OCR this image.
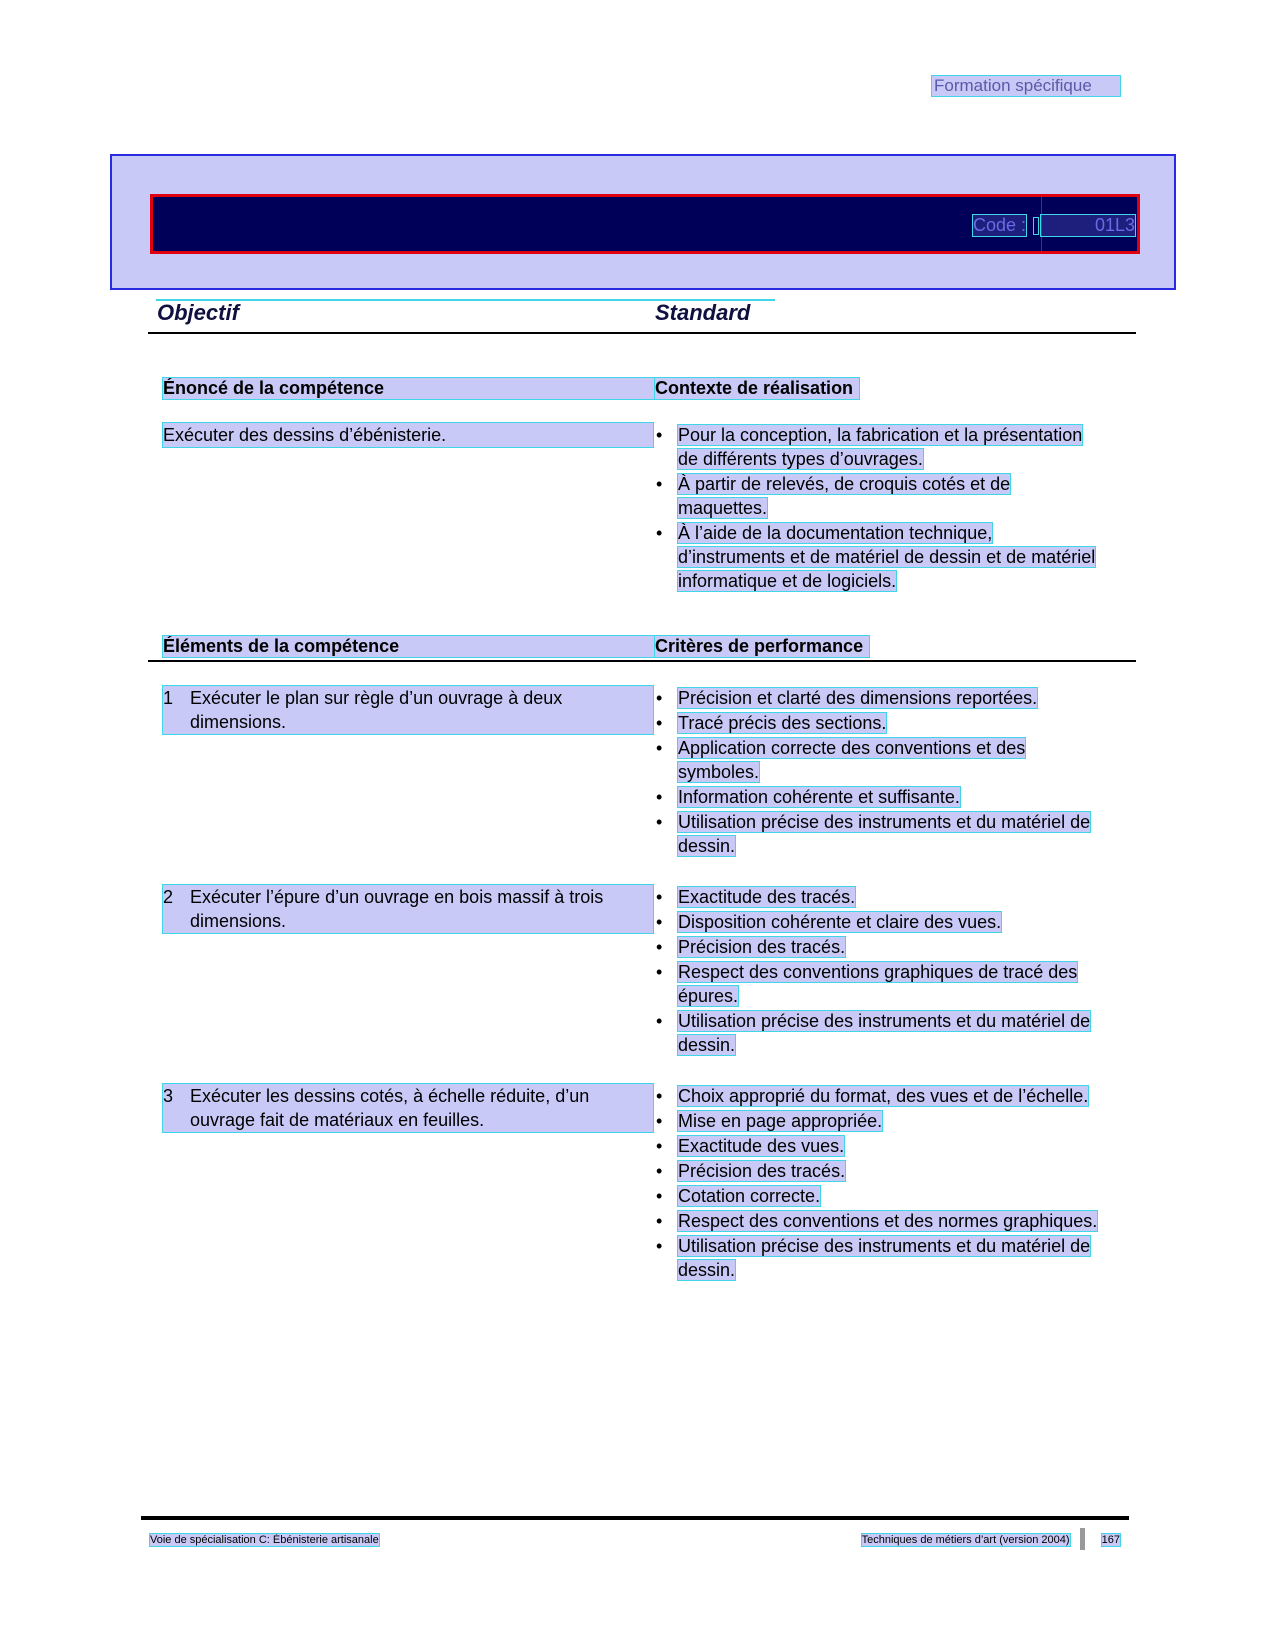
Formation spécifique
Code :	01L3
Objectif	Standard
Énoncé de la compétence	Contexte de réalisation
Exécuter des dessins d’ébénisterie.
•	Pour la conception, la fabrication et la présentation de différents types d’ouvrages.
• À partir de relevés, de croquis cotés et de maquettes.
• À l’aide de la documentation technique, d’instruments et de matériel de dessin et de matériel informatique et de logiciels.
Éléments de la compétence	Critères de performance
1 Exécuter le plan sur règle d’un ouvrage à deux dimensions.
• Précision et clarté des dimensions reportées.
• Tracé précis des sections.
• Application correcte des conventions et des symboles.
• Information cohérente et suffisante.
• Utilisation précise des instruments et du matériel de dessin.
2 Exécuter l’épure d’un ouvrage en bois massif à trois dimensions.
• Exactitude des tracés.
• Disposition cohérente et claire des vues.
• Précision des tracés.
• Respect des conventions graphiques de tracé des épures.
• Utilisation précise des instruments et du matériel de dessin.
3 Exécuter les dessins cotés, à échelle réduite, d’un ouvrage fait de matériaux en feuilles.
• Choix approprié du format, des vues et de l’échelle.
• Mise en page appropriée.
• Exactitude des vues.
• Précision des tracés.
• Cotation correcte.
• Respect des conventions et des normes graphiques.
• Utilisation précise des instruments et du matériel de dessin.
Voie de spécialisation C: Ébénisterie artisanale	Techniques de métiers d’art (version 2004)	167
